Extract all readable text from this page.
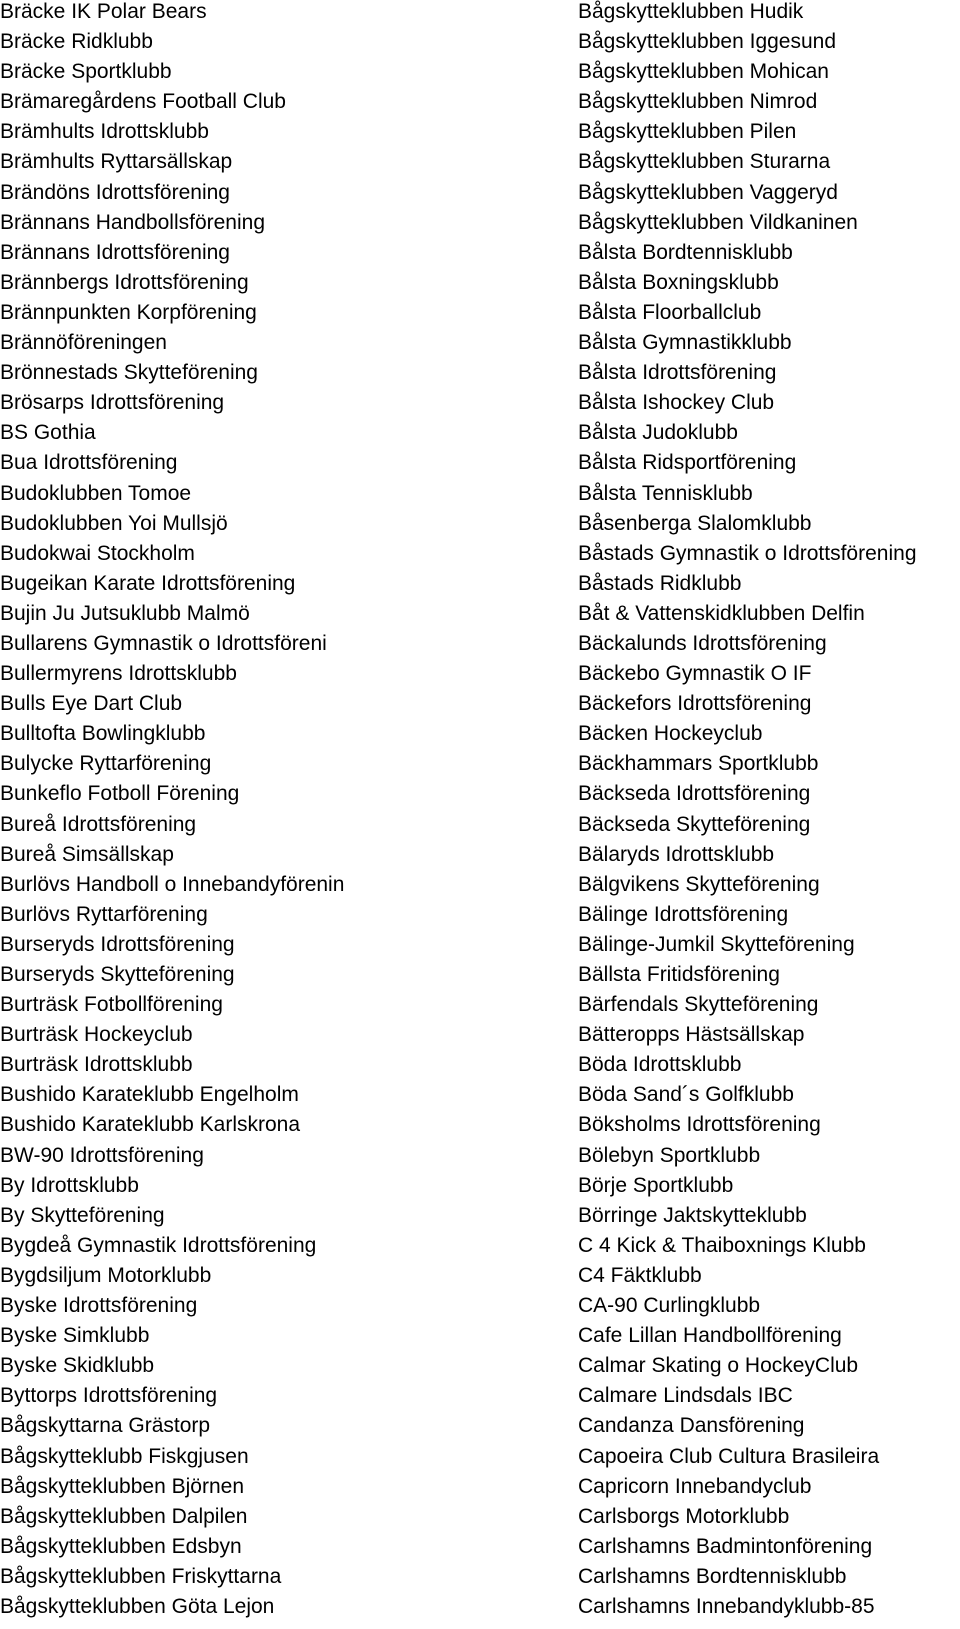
Bräcke IK Polar Bears
Bräcke Ridklubb
Bräcke Sportklubb
Brämaregårdens Football Club
Brämhults Idrottsklubb
Brämhults Ryttarsällskap
Brändöns Idrottsförening
Brännans Handbollsförening
Brännans Idrottsförening
Brännbergs Idrottsförening
Brännpunkten Korpförening
Brännöföreningen
Brönnestads Skytteförening
Brösarps Idrottsförening
BS Gothia
Bua Idrottsförening
Budoklubben Tomoe
Budoklubben Yoi Mullsjö
Budokwai Stockholm
Bugeikan Karate Idrottsförening
Bujin Ju Jutsuklubb Malmö
Bullarens Gymnastik o Idrottsföreni
Bullermyrens Idrottsklubb
Bulls Eye Dart Club
Bulltofta Bowlingklubb
Bulycke Ryttarförening
Bunkeflo Fotboll Förening
Bureå Idrottsförening
Bureå Simsällskap
Burlövs Handboll o Innebandyförenin
Burlövs Ryttarförening
Burseryds Idrottsförening
Burseryds Skytteförening
Burträsk Fotbollförening
Burträsk Hockeyclub
Burträsk Idrottsklubb
Bushido Karateklubb Engelholm
Bushido Karateklubb Karlskrona
BW-90 Idrottsförening
By Idrottsklubb
By Skytteförening
Bygdeå Gymnastik Idrottsförening
Bygdsiljum Motorklubb
Byske Idrottsförening
Byske Simklubb
Byske Skidklubb
Byttorps Idrottsförening
Bågskyttarna Grästorp
Bågskytteklubb Fiskgjusen
Bågskytteklubben Björnen
Bågskytteklubben Dalpilen
Bågskytteklubben Edsbyn
Bågskytteklubben Friskyttarna
Bågskytteklubben Göta Lejon
Bågskytteklubben Hudik
Bågskytteklubben Iggesund
Bågskytteklubben Mohican
Bågskytteklubben Nimrod
Bågskytteklubben Pilen
Bågskytteklubben Sturarna
Bågskytteklubben Vaggeryd
Bågskytteklubben Vildkaninen
Bålsta Bordtennisklubb
Bålsta Boxningsklubb
Bålsta Floorballclub
Bålsta Gymnastikklubb
Bålsta Idrottsförening
Bålsta Ishockey Club
Bålsta Judoklubb
Bålsta Ridsportförening
Bålsta Tennisklubb
Båsenberga Slalomklubb
Båstads Gymnastik o Idrottsförening
Båstads Ridklubb
Båt & Vattenskidklubben Delfin
Bäckalunds Idrottsförening
Bäckebo Gymnastik O IF
Bäckefors Idrottsförening
Bäcken Hockeyclub
Bäckhammars Sportklubb
Bäckseda Idrottsförening
Bäckseda Skytteförening
Bälaryds Idrottsklubb
Bälgvikens Skytteförening
Bälinge Idrottsförening
Bälinge-Jumkil Skytteförening
Bällsta Fritidsförening
Bärfendals Skytteförening
Bätteropps Hästsällskap
Böda Idrottsklubb
Böda Sand´s Golfklubb
Böksholms Idrottsförening
Bölebyn Sportklubb
Börje Sportklubb
Börringe Jaktskytteklubb
C 4 Kick & Thaiboxnings Klubb
C4 Fäktklubb
CA-90 Curlingklubb
Cafe Lillan Handbollförening
Calmar Skating o HockeyClub
Calmare Lindsdals IBC
Candanza Dansförening
Capoeira Club Cultura Brasileira
Capricorn Innebandyclub
Carlsborgs Motorklubb
Carlshamns Badmintonförening
Carlshamns Bordtennisklubb
Carlshamns Innebandyklubb-85
